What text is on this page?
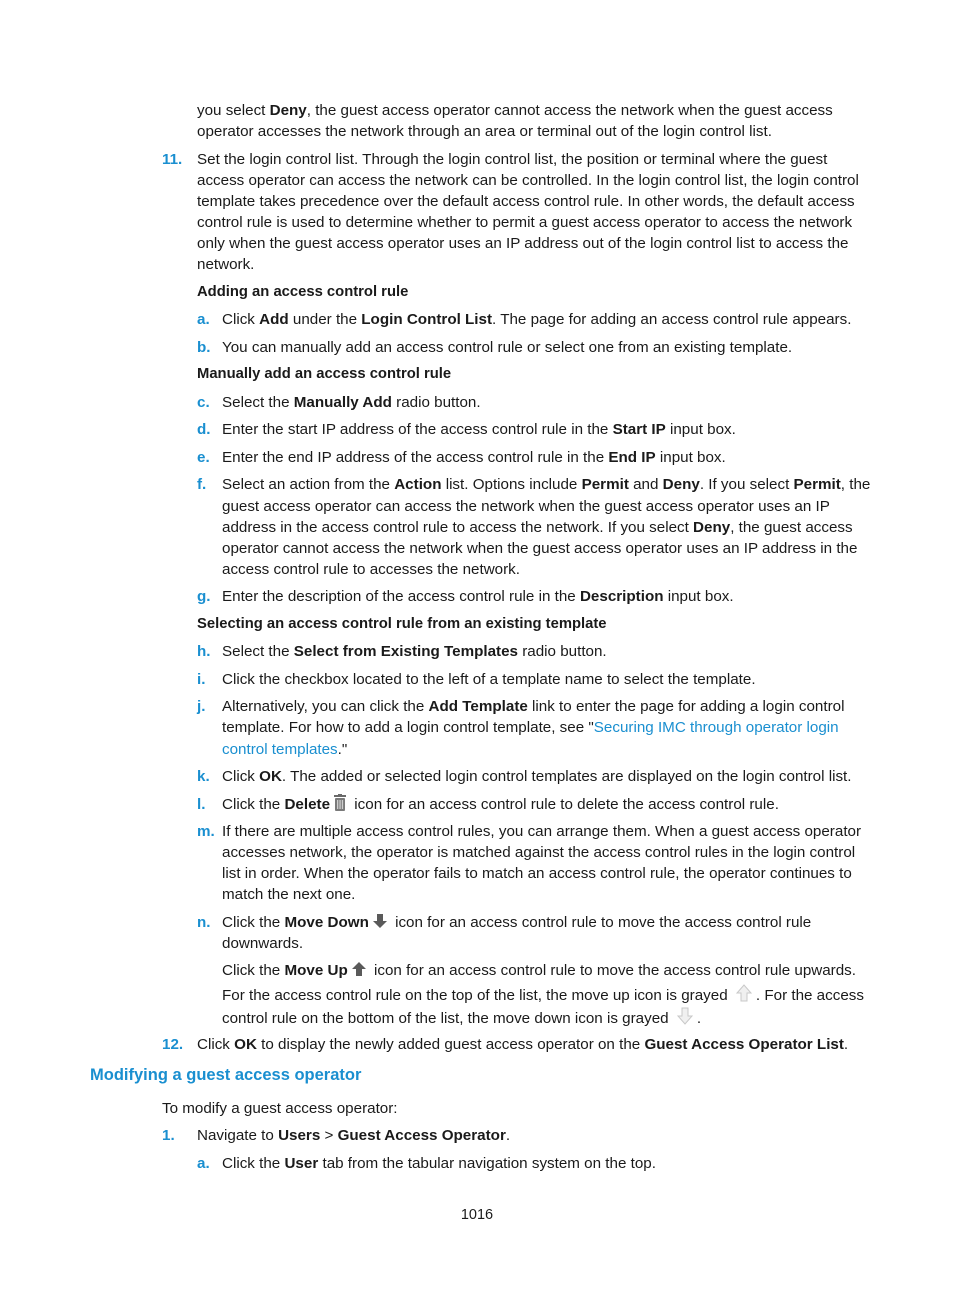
you select Deny, the guest access operator cannot access the network when the guest access
operator accesses the network through an area or terminal out of the login control list.
11. Set the login control list. Through the login control list, the position or terminal where the guest
access operator can access the network can be controlled. In the login control list, the login control
template takes precedence over the default access control rule. In other words, the default access
control rule is used to determine whether to permit a guest access operator to access the network
only when the guest access operator uses an IP address out of the login control list to access the
network.
Adding an access control rule
a. Click Add under the Login Control List. The page for adding an access control rule appears.
b. You can manually add an access control rule or select one from an existing template.
Manually add an access control rule
c. Select the Manually Add radio button.
d. Enter the start IP address of the access control rule in the Start IP input box.
e. Enter the end IP address of the access control rule in the End IP input box.
f. Select an action from the Action list. Options include Permit and Deny. If you select Permit, the
guest access operator can access the network when the guest access operator uses an IP
address in the access control rule to access the network. If you select Deny, the guest access
operator cannot access the network when the guest access operator uses an IP address in the
access control rule to accesses the network.
g. Enter the description of the access control rule in the Description input box.
Selecting an access control rule from an existing template
h. Select the Select from Existing Templates radio button.
i. Click the checkbox located to the left of a template name to select the template.
j. Alternatively, you can click the Add Template link to enter the page for adding a login control
template. For how to add a login control template, see "Securing IMC through operator login
control templates."
k. Click OK. The added or selected login control templates are displayed on the login control list.
l. Click the Delete icon for an access control rule to delete the access control rule.
m. If there are multiple access control rules, you can arrange them. When a guest access operator
accesses network, the operator is matched against the access control rules in the login control
list in order. When the operator fails to match an access control rule, the operator continues to
match the next one.
n. Click the Move Down icon for an access control rule to move the access control rule
downwards.
Click the Move Up icon for an access control rule to move the access control rule upwards.
For the access control rule on the top of the list, the move up icon is grayed . For the access
control rule on the bottom of the list, the move down icon is grayed .
12. Click OK to display the newly added guest access operator on the Guest Access Operator List.
Modifying a guest access operator
To modify a guest access operator:
1. Navigate to Users > Guest Access Operator.
a. Click the User tab from the tabular navigation system on the top.
1016
